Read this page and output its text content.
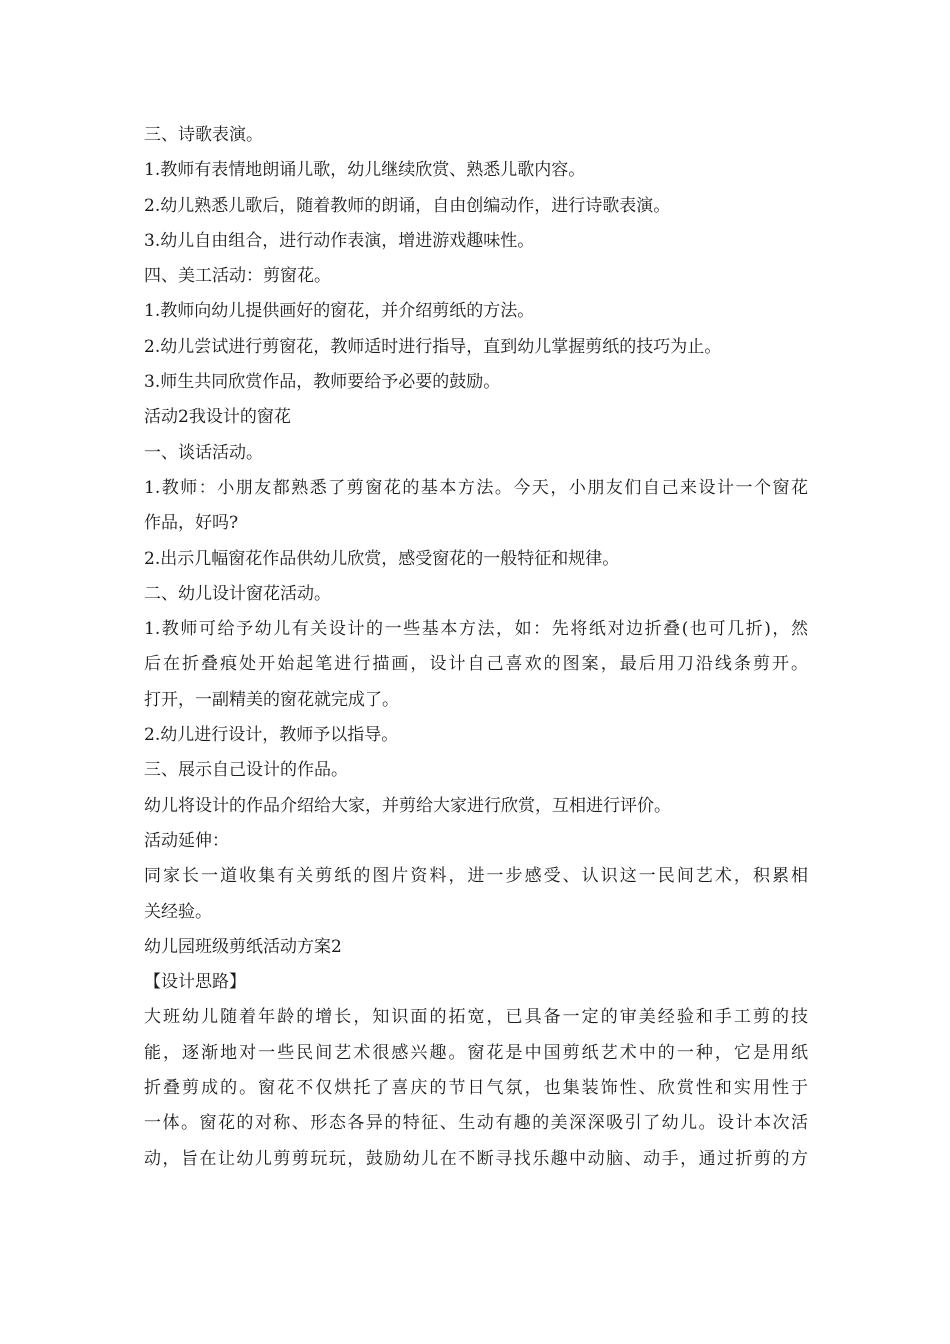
三、诗歌表演。

1.教师有表情地朗诵儿歌，幼儿继续欣赏、熟悉儿歌内容。

2.幼儿熟悉儿歌后，随着教师的朗诵，自由创编动作，进行诗歌表演。

3.幼儿自由组合，进行动作表演，增进游戏趣味性。

四、美工活动：剪窗花。

1.教师向幼儿提供画好的窗花，并介绍剪纸的方法。

2.幼儿尝试进行剪窗花，教师适时进行指导，直到幼儿掌握剪纸的技巧为止。

3.师生共同欣赏作品，教师要给予必要的鼓励。

活动2我设计的窗花

一、谈话活动。

1.教师：小朋友都熟悉了剪窗花的基本方法。今天，小朋友们自己来设计一个窗花

作品，好吗?

2.出示几幅窗花作品供幼儿欣赏，感受窗花的一般特征和规律。

二、幼儿设计窗花活动。

1.教师可给予幼儿有关设计的一些基本方法，如：先将纸对边折叠(也可几折)，然

后在折叠痕处开始起笔进行描画，设计自己喜欢的图案，最后用刀沿线条剪开。

打开，一副精美的窗花就完成了。

2.幼儿进行设计，教师予以指导。

三、展示自己设计的作品。

幼儿将设计的作品介绍给大家，并剪给大家进行欣赏，互相进行评价。

活动延伸：

同家长一道收集有关剪纸的图片资料，进一步感受、认识这一民间艺术，积累相

关经验。

幼儿园班级剪纸活动方案2

【设计思路】

大班幼儿随着年龄的增长，知识面的拓宽，已具备一定的审美经验和手工剪的技

能，逐渐地对一些民间艺术很感兴趣。窗花是中国剪纸艺术中的一种，它是用纸

折叠剪成的。窗花不仅烘托了喜庆的节日气氛，也集装饰性、欣赏性和实用性于

一体。窗花的对称、形态各异的特征、生动有趣的美深深吸引了幼儿。设计本次活

动，旨在让幼儿剪剪玩玩，鼓励幼儿在不断寻找乐趣中动脑、动手，通过折剪的方
